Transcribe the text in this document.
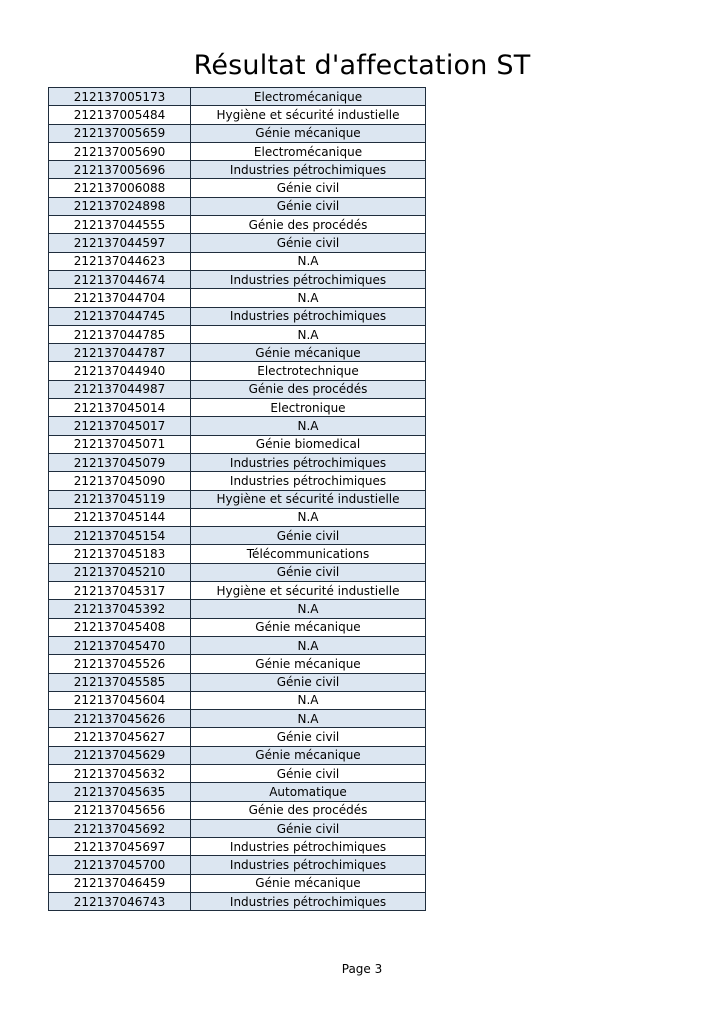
Résultat d'affectation ST
212137005173	Electromécanique
212137005484	Hygiène et sécurité industielle
212137005659	Génie mécanique
212137005690	Electromécanique
212137005696	Industries pétrochimiques
212137006088	Génie civil
212137024898	Génie civil
212137044555	Génie des procédés
212137044597	Génie civil
212137044623	N.A
212137044674	Industries pétrochimiques
212137044704	N.A
212137044745	Industries pétrochimiques
212137044785	N.A
212137044787	Génie mécanique
212137044940	Electrotechnique
212137044987	Génie des procédés
212137045014	Electronique
212137045017	N.A
212137045071	Génie biomedical
212137045079	Industries pétrochimiques
212137045090	Industries pétrochimiques
212137045119	Hygiène et sécurité industielle
212137045144	N.A
212137045154	Génie civil
212137045183	Télécommunications
212137045210	Génie civil
212137045317	Hygiène et sécurité industielle
212137045392	N.A
212137045408	Génie mécanique
212137045470	N.A
212137045526	Génie mécanique
212137045585	Génie civil
212137045604	N.A
212137045626	N.A
212137045627	Génie civil
212137045629	Génie mécanique
212137045632	Génie civil
212137045635	Automatique
212137045656	Génie des procédés
212137045692	Génie civil
212137045697	Industries pétrochimiques
212137045700	Industries pétrochimiques
212137046459	Génie mécanique
212137046743	Industries pétrochimiques
Page 3
